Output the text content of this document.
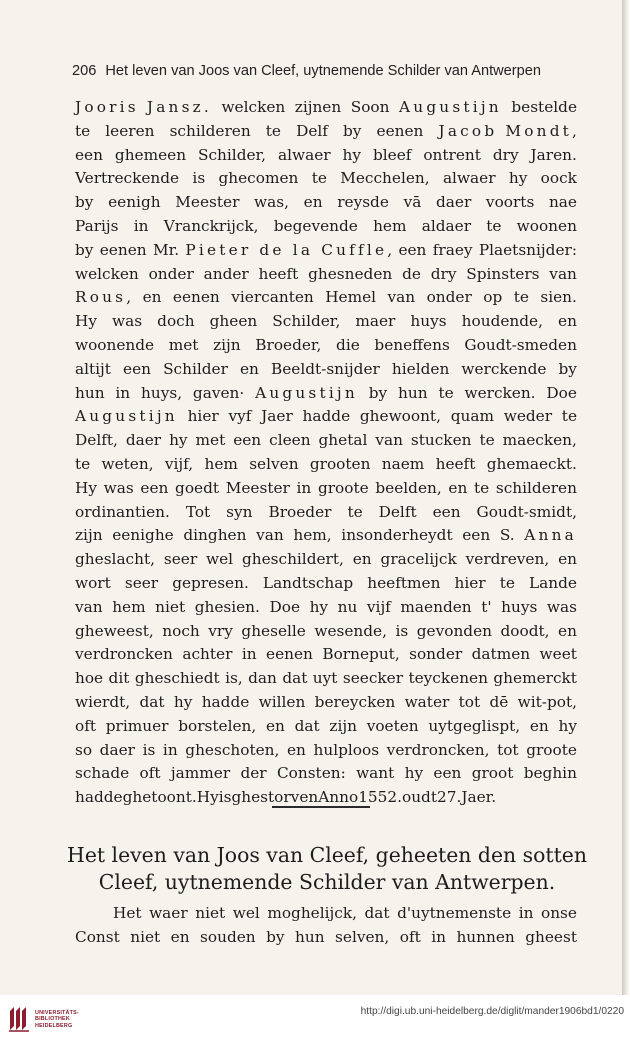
206 Het leven van Joos van Cleef, uytnemende Schilder van Antwerpen
Jooris Jansz. welcken zijnen Soon Augustijn bestelde
te leeren schilderen te Delf by eenen Jacob Mondt,
een ghemeen Schilder, alwaer hy bleef ontrent dry Jaren.
Vertreckende is ghecomen te Mecchelen, alwaer hy oock
by eenigh Meester was, en reysde vā daer voorts nae
Parijs in Vranckrijck, begevende hem aldaer te woonen
by eenen Mr. Pieter de la Cuffle, een fraey Plaetsnijder:
welcken onder ander heeft ghesneden de dry Spinsters van
Rous, en eenen viercanten Hemel van onder op te sien.
Hy was doch gheen Schilder, maer huys houdende, en
woonende met zijn Broeder, die beneffens Goudt-smeden
altijt een Schilder en Beeldt-snijder hielden werckende by
hun in huys, gaven· Augustijn by hun te wercken. Doe
Augustijn hier vyf Jaer hadde ghewoont, quam weder te
Delft, daer hy met een cleen ghetal van stucken te maecken,
te weten, vijf, hem selven grooten naem heeft ghemaeckt.
Hy was een goedt Meester in groote beelden, en te schilderen
ordinantien. Tot syn Broeder te Delft een Goudt-smidt,
zijn eenighe dinghen van hem, insonderheydt een S. Anna
gheslacht, seer wel gheschildert, en gracelijck verdreven, en
wort seer gepresen. Landtschap heeftmen hier te Lande
van hem niet ghesien. Doe hy nu vijf maenden t' huys was
gheweest, noch vry gheselle wesende, is gevonden doodt, en
verdroncken achter in eenen Borneput, sonder datmen weet
hoe dit gheschiedt is, dan dat uyt seecker teyckenen ghemerckt
wierdt, dat hy hadde willen bereycken water tot dē wit-pot,
oft primuer borstelen, en dat zijn voeten uytgeglispt, en hy
so daer is in gheschoten, en hulploos verdroncken, tot groote
schade oft jammer der Consten: want hy een groot beghin
hadde ghetoont. Hy is ghestorven Anno 1552. oudt 27. Jaer.
Het leven van Joos van Cleef, geheeten den sotten
Cleef, uytnemende Schilder van Antwerpen.
Het waer niet wel moghelijck, dat d'uytnemenste in onse
Const niet en souden by hun selven, oft in hunnen gheest
UNIVERSITÄTS-
BIBLIOTHEK
HEIDELBERG
http://digi.ub.uni-heidelberg.de/diglit/mander1906bd1/0220
